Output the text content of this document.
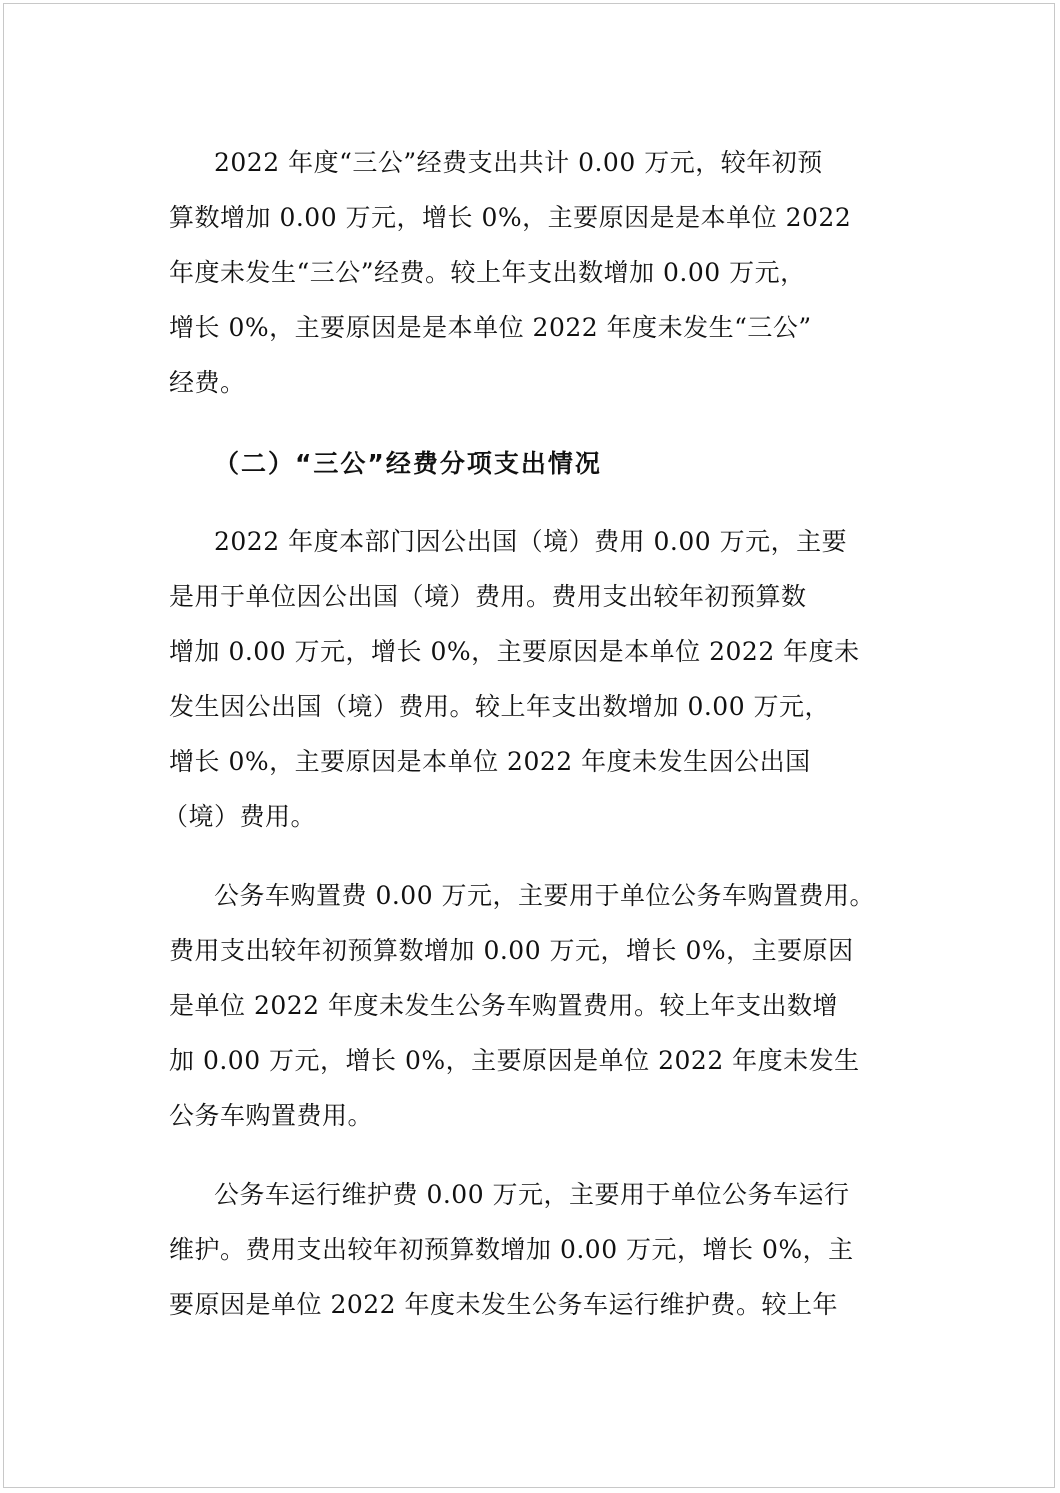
2022 年度“三公”经费支出共计 0.00 万元，较年初预
算数增加 0.00 万元，增长 0%，主要原因是是本单位 2022
年度未发生“三公”经费。较上年支出数增加 0.00 万元，
增长 0%，主要原因是是本单位 2022 年度未发生“三公”
经费。
（二）“三公”经费分项支出情况
2022 年度本部门因公出国（境）费用 0.00 万元，主要
是用于单位因公出国（境）费用。费用支出较年初预算数
增加 0.00 万元，增长 0%，主要原因是本单位 2022 年度未
发生因公出国（境）费用。较上年支出数增加 0.00 万元，
增长 0%，主要原因是本单位 2022 年度未发生因公出国
（境）费用。
公务车购置费 0.00 万元，主要用于单位公务车购置费用。
费用支出较年初预算数增加 0.00 万元，增长 0%，主要原因
是单位 2022 年度未发生公务车购置费用。较上年支出数增
加 0.00 万元，增长 0%，主要原因是单位 2022 年度未发生
公务车购置费用。
公务车运行维护费 0.00 万元，主要用于单位公务车运行
维护。费用支出较年初预算数增加 0.00 万元，增长 0%，主
要原因是单位 2022 年度未发生公务车运行维护费。较上年
